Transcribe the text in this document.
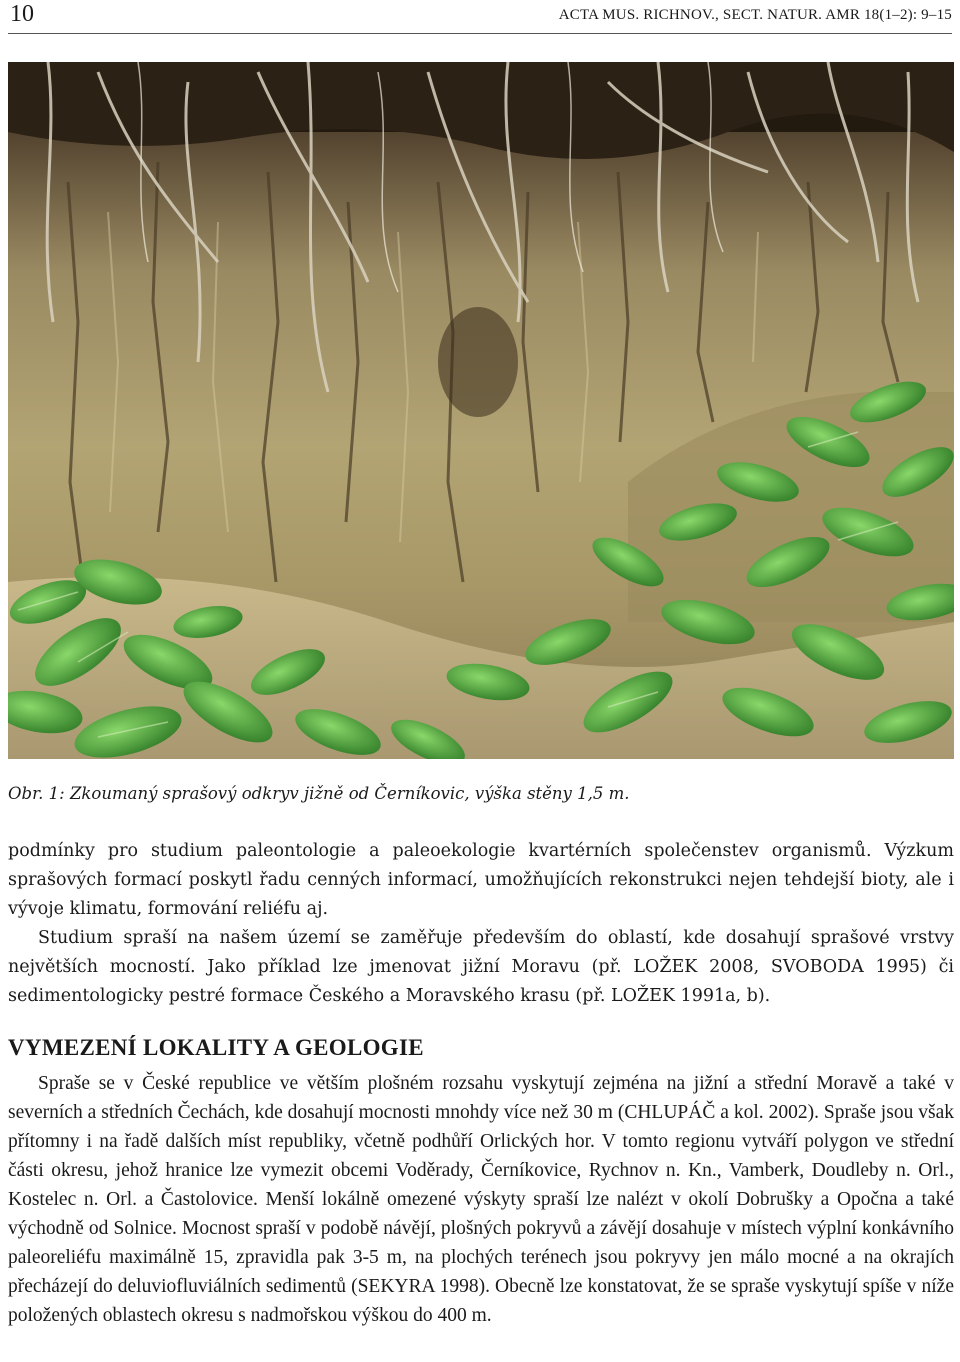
10	ACTA MUS. RICHNOV., SECT. NATUR. AMR 18(1–2): 9–15
Obr. 1: Zkoumaný sprašový odkryv jižně od Černíkovic, výška stěny 1,5 m.
podmínky pro studium paleontologie a paleoekologie kvartérních společenstev organismů. Výzkum sprašových formací poskytl řadu cenných informací, umožňujících rekonstrukci nejen tehdejší bioty, ale i vývoje klimatu, formování reliéfu aj.
Studium spraší na našem území se zaměřuje především do oblastí, kde dosahují sprašové vrstvy největších mocností. Jako příklad lze jmenovat jižní Moravu (př. LOŽEK 2008, SVOBODA 1995) či sedimentologicky pestré formace Českého a Moravského krasu (př. LOŽEK 1991a, b).
VYMEZENÍ LOKALITY A GEOLOGIE
Spraše se v České republice ve větším plošném rozsahu vyskytují zejména na jižní a střední Moravě a také v severních a středních Čechách, kde dosahují mocnosti mnohdy více než 30 m (CHLUPÁČ a kol. 2002). Spraše jsou však přítomny i na řadě dalších míst republiky, včetně podhůří Orlických hor. V tomto regionu vytváří polygon ve střední části okresu, jehož hranice lze vymezit obcemi Voděrady, Černíkovice, Rychnov n. Kn., Vamberk, Doudleby n. Orl., Kostelec n. Orl. a Častolovice. Menší lokálně omezené výskyty spraší lze nalézt v okolí Dobrušky a Opočna a také východně od Solnice. Mocnost spraší v podobě návějí, plošných pokryvů a závějí dosahuje v místech výplní konkávního paleoreliéfu maximálně 15, zpravidla pak 3-5 m, na plochých terénech jsou pokryvy jen málo mocné a na okrajích přecházejí do deluviofluviálních sedimentů (SEKYRA 1998). Obecně lze konstatovat, že se spraše vyskytují spíše v níže položených oblastech okresu s nadmořskou výškou do 400 m.
